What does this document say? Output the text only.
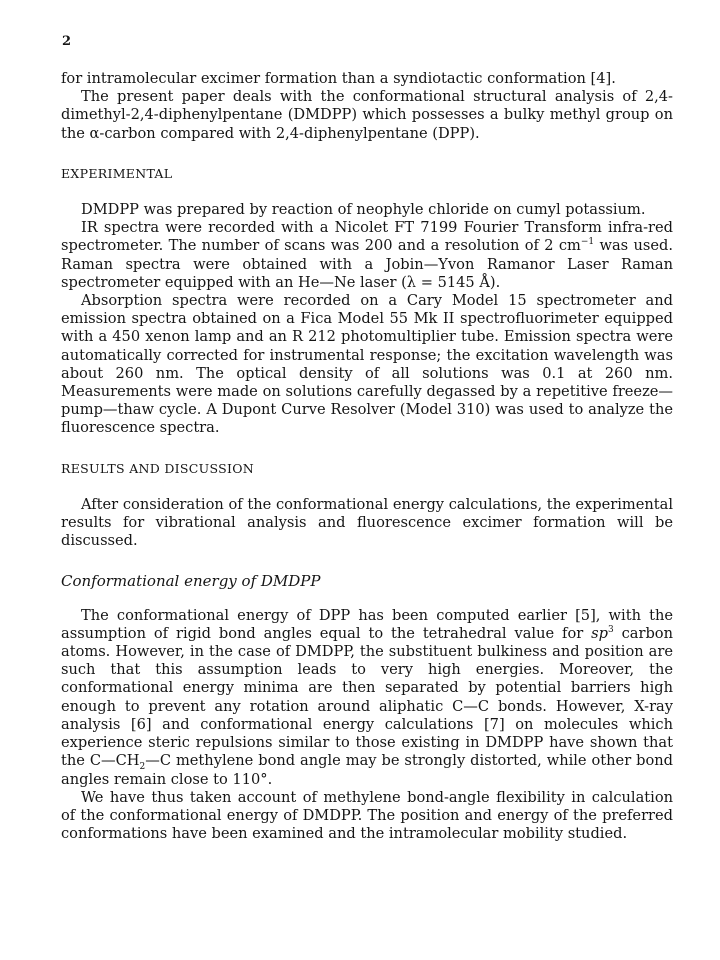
2

for intramolecular excimer formation than a syndiotactic conformation [4].

The present paper deals with the conformational structural analysis of 2,4-dimethyl-2,4-diphenylpentane (DMDPP) which possesses a bulky methyl group on the α-carbon compared with 2,4-diphenylpentane (DPP).

EXPERIMENTAL

DMDPP was prepared by reaction of neophyle chloride on cumyl potassium.

IR spectra were recorded with a Nicolet FT 7199 Fourier Transform infra-red spectrometer. The number of scans was 200 and a resolution of 2 $cm^{-1}$ was used. Raman spectra were obtained with a Jobin—Yvon Ramanor Laser Raman spectrometer equipped with an He—Ne laser (λ = 5145 Å).

Absorption spectra were recorded on a Cary Model 15 spectrometer and emission spectra obtained on a Fica Model 55 Mk II spectrofluorimeter equipped with a 450 xenon lamp and an R 212 photomultiplier tube. Emission spectra were automatically corrected for instrumental response; the excitation wavelength was about 260 nm. The optical density of all solutions was 0.1 at 260 nm. Measurements were made on solutions carefully degassed by a repetitive freeze—pump—thaw cycle. A Dupont Curve Resolver (Model 310) was used to analyze the fluorescence spectra.

RESULTS AND DISCUSSION

After consideration of the conformational energy calculations, the experimental results for vibrational analysis and fluorescence excimer formation will be discussed.

Conformational energy of DMDPP

The conformational energy of DPP has been computed earlier [5], with the assumption of rigid bond angles equal to the tetrahedral value for $sp^3$ carbon atoms. However, in the case of DMDPP, the substituent bulkiness and position are such that this assumption leads to very high energies. Moreover, the conformational energy minima are then separated by potential barriers high enough to prevent any rotation around aliphatic C—C bonds. However, X-ray analysis [6] and conformational energy calculations [7] on molecules which experience steric repulsions similar to those existing in DMDPP have shown that the $C—CH_2—C$ methylene bond angle may be strongly distorted, while other bond angles remain close to 110°.

We have thus taken account of methylene bond-angle flexibility in calculation of the conformational energy of DMDPP. The position and energy of the preferred conformations have been examined and the intramolecular mobility studied.
